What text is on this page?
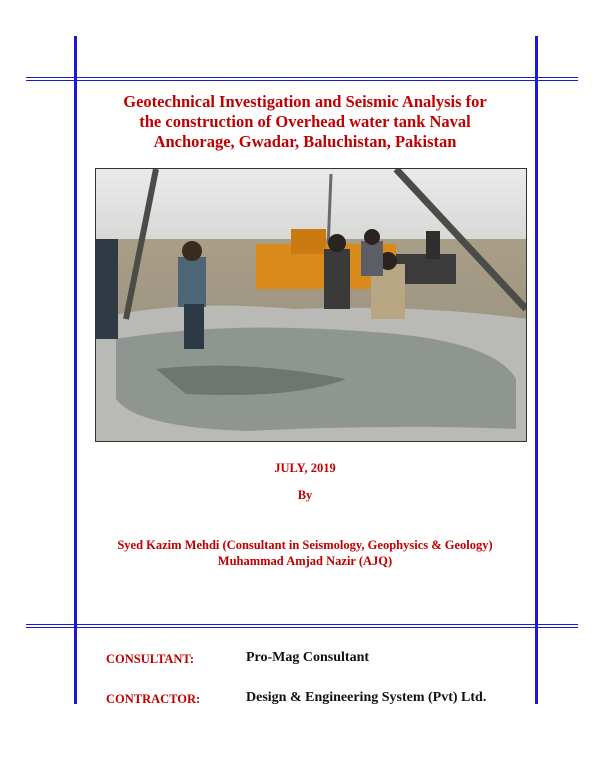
Geotechnical Investigation and Seismic Analysis for
the construction of Overhead water tank Naval
Anchorage, Gwadar, Baluchistan, Pakistan
JULY, 2019
By
Syed Kazim Mehdi (Consultant in Seismology, Geophysics & Geology)
Muhammad Amjad Nazir (AJQ)
CONSULTANT:	Pro-Mag Consultant
CONTRACTOR:	Design & Engineering System (Pvt) Ltd.
